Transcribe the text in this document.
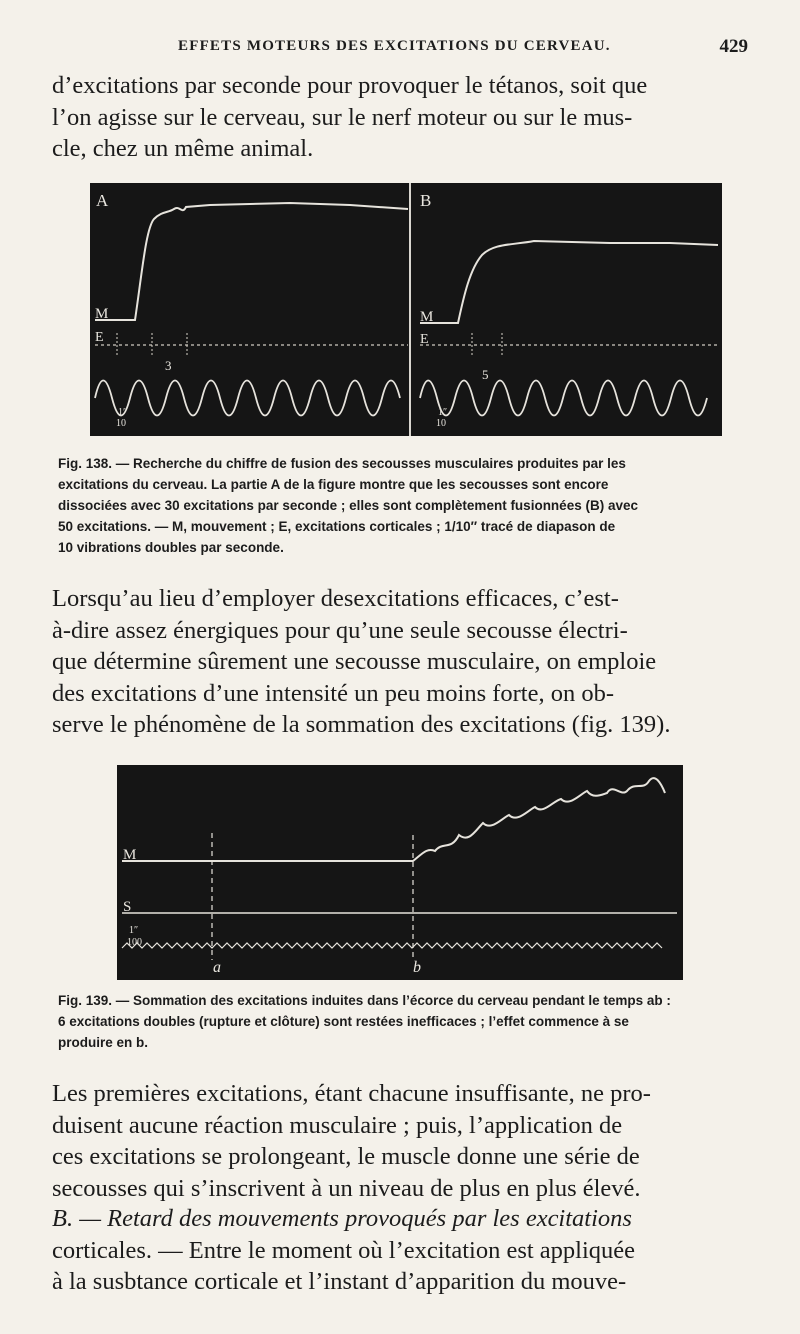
EFFETS MOTEURS DES EXCITATIONS DU CERVEAU.	429

d’excitations par seconde pour provoquer le tétanos, soit que
l’on agisse sur le cerveau, sur le nerf moteur ou sur le mus-
cle, chez un même animal.

A	B
M
E
M
E
3
5
1″
10
1″
10
Fig. 138. — Recherche du chiffre de fusion des secousses musculaires produites par les
excitations du cerveau. La partie A de la figure montre que les secousses sont encore
dissociées avec 30 excitations par seconde ; elles sont complètement fusionnées (B) avec
50 excitations. — M, mouvement ; E, excitations corticales ; 1/10″ tracé de diapason de
10 vibrations doubles par seconde.

Lorsqu’au lieu d’employer desexcitations efficaces, c’est-
à-dire assez énergiques pour qu’une seule secousse électri-
que détermine sûrement une secousse musculaire, on emploie
des excitations d’une intensité un peu moins forte, on ob-
serve le phénomène de la sommation des excitations (fig. 139).

M
S
1″
100
a	b
Fig. 139. — Sommation des excitations induites dans l’écorce du cerveau pendant le temps ab :
6 excitations doubles (rupture et clôture) sont restées inefficaces ; l’effet commence à se
produire en b.

Les premières excitations, étant chacune insuffisante, ne pro-
duisent aucune réaction musculaire ; puis, l’application de
ces excitations se prolongeant, le muscle donne une série de
secousses qui s’inscrivent à un niveau de plus en plus élevé.

B. — Retard des mouvements provoqués par les excitations
corticales. — Entre le moment où l’excitation est appliquée
à la susbtance corticale et l’instant d’apparition du mouve-
